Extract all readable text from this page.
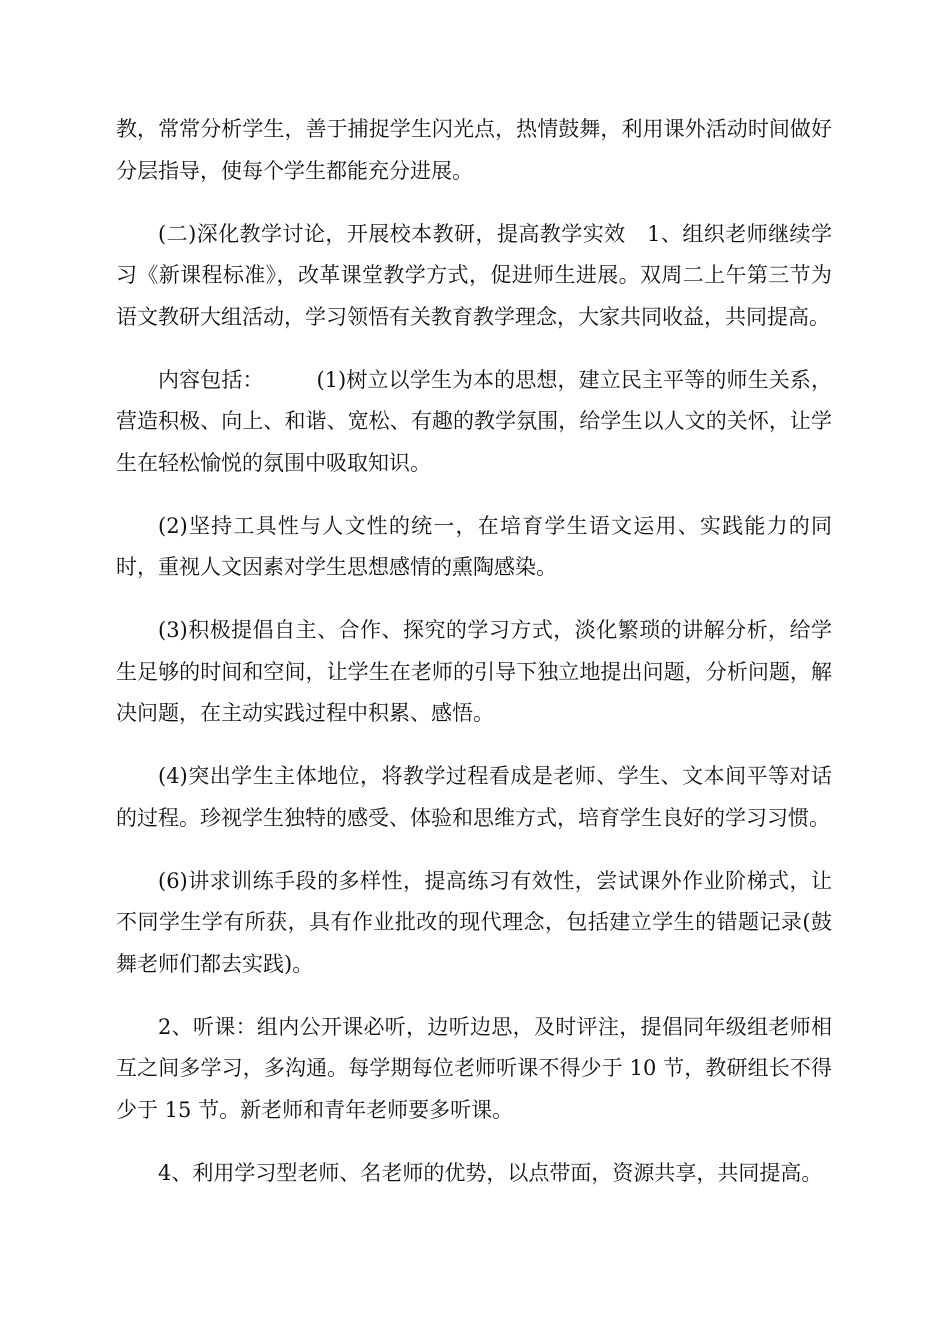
教，常常分析学生，善于捕捉学生闪光点，热情鼓舞，利用课外活动时间做好分层指导，使每个学生都能充分进展。

(二)深化教学讨论，开展校本教研，提高教学实效　1、组织老师继续学习《新课程标准》，改革课堂教学方式，促进师生进展。双周二上午第三节为语文教研大组活动，学习领悟有关教育教学理念，大家共同收益，共同提高。

内容包括：　　　(1)树立以学生为本的思想，建立民主平等的师生关系，营造积极、向上、和谐、宽松、有趣的教学氛围，给学生以人文的关怀，让学生在轻松愉悦的氛围中吸取知识。

(2)坚持工具性与人文性的统一，在培育学生语文运用、实践能力的同时，重视人文因素对学生思想感情的熏陶感染。

(3)积极提倡自主、合作、探究的学习方式，淡化繁琐的讲解分析，给学生足够的时间和空间，让学生在老师的引导下独立地提出问题，分析问题，解决问题，在主动实践过程中积累、感悟。

(4)突出学生主体地位，将教学过程看成是老师、学生、文本间平等对话的过程。珍视学生独特的感受、体验和思维方式，培育学生良好的学习习惯。

(6)讲求训练手段的多样性，提高练习有效性，尝试课外作业阶梯式，让不同学生学有所获，具有作业批改的现代理念，包括建立学生的错题记录(鼓舞老师们都去实践)。

2、听课：组内公开课必听，边听边思，及时评注，提倡同年级组老师相互之间多学习，多沟通。每学期每位老师听课不得少于 10 节，教研组长不得少于 15 节。新老师和青年老师要多听课。

4、利用学习型老师、名老师的优势，以点带面，资源共享，共同提高。
